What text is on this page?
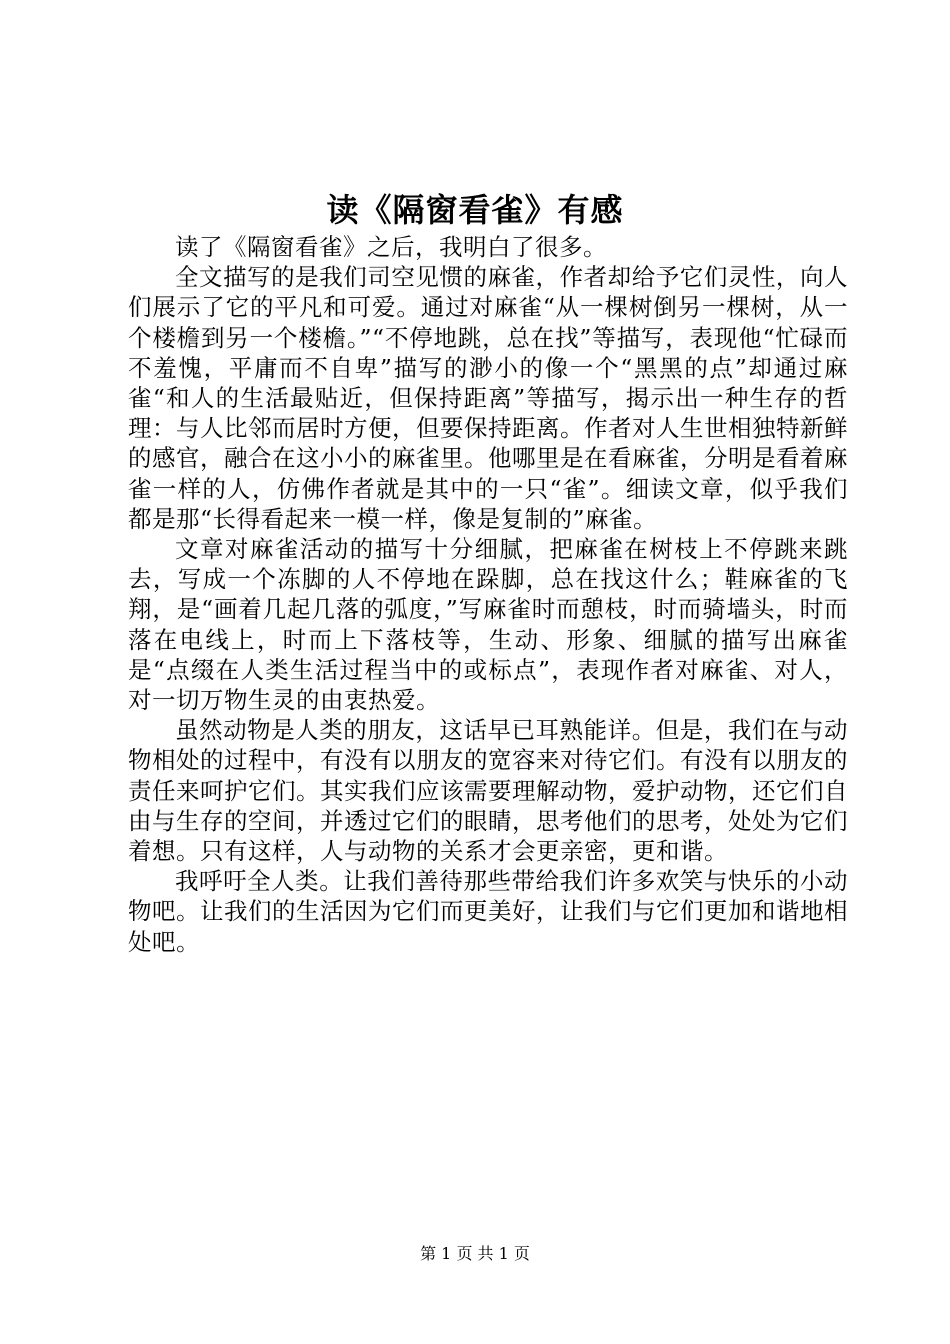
读《隔窗看雀》有感

读了《隔窗看雀》之后，我明白了很多。

全文描写的是我们司空见惯的麻雀，作者却给予它们灵性，向人们展示了它的平凡和可爱。通过对麻雀“从一棵树倒另一棵树，从一个楼檐到另一个楼檐。”“不停地跳，总在找”等描写，表现他“忙碌而不羞愧，平庸而不自卑”描写的渺小的像一个“黑黑的点”却通过麻雀“和人的生活最贴近，但保持距离”等描写，揭示出一种生存的哲理：与人比邻而居时方便，但要保持距离。作者对人生世相独特新鲜的感官，融合在这小小的麻雀里。他哪里是在看麻雀，分明是看着麻雀一样的人，仿佛作者就是其中的一只“雀”。细读文章，似乎我们都是那“长得看起来一模一样，像是复制的”麻雀。

文章对麻雀活动的描写十分细腻，把麻雀在树枝上不停跳来跳去，写成一个冻脚的人不停地在跺脚，总在找这什么；鞋麻雀的飞翔，是“画着几起几落的弧度，”写麻雀时而憩枝，时而骑墙头，时而落在电线上，时而上下落枝等，生动、形象、细腻的描写出麻雀是“点缀在人类生活过程当中的或标点”，表现作者对麻雀、对人，对一切万物生灵的由衷热爱。

虽然动物是人类的朋友，这话早已耳熟能详。但是，我们在与动物相处的过程中，有没有以朋友的宽容来对待它们。有没有以朋友的责任来呵护它们。其实我们应该需要理解动物，爱护动物，还它们自由与生存的空间，并透过它们的眼睛，思考他们的思考，处处为它们着想。只有这样，人与动物的关系才会更亲密，更和谐。

我呼吁全人类。让我们善待那些带给我们许多欢笑与快乐的小动物吧。让我们的生活因为它们而更美好，让我们与它们更加和谐地相处吧。

第 1 页 共 1 页
